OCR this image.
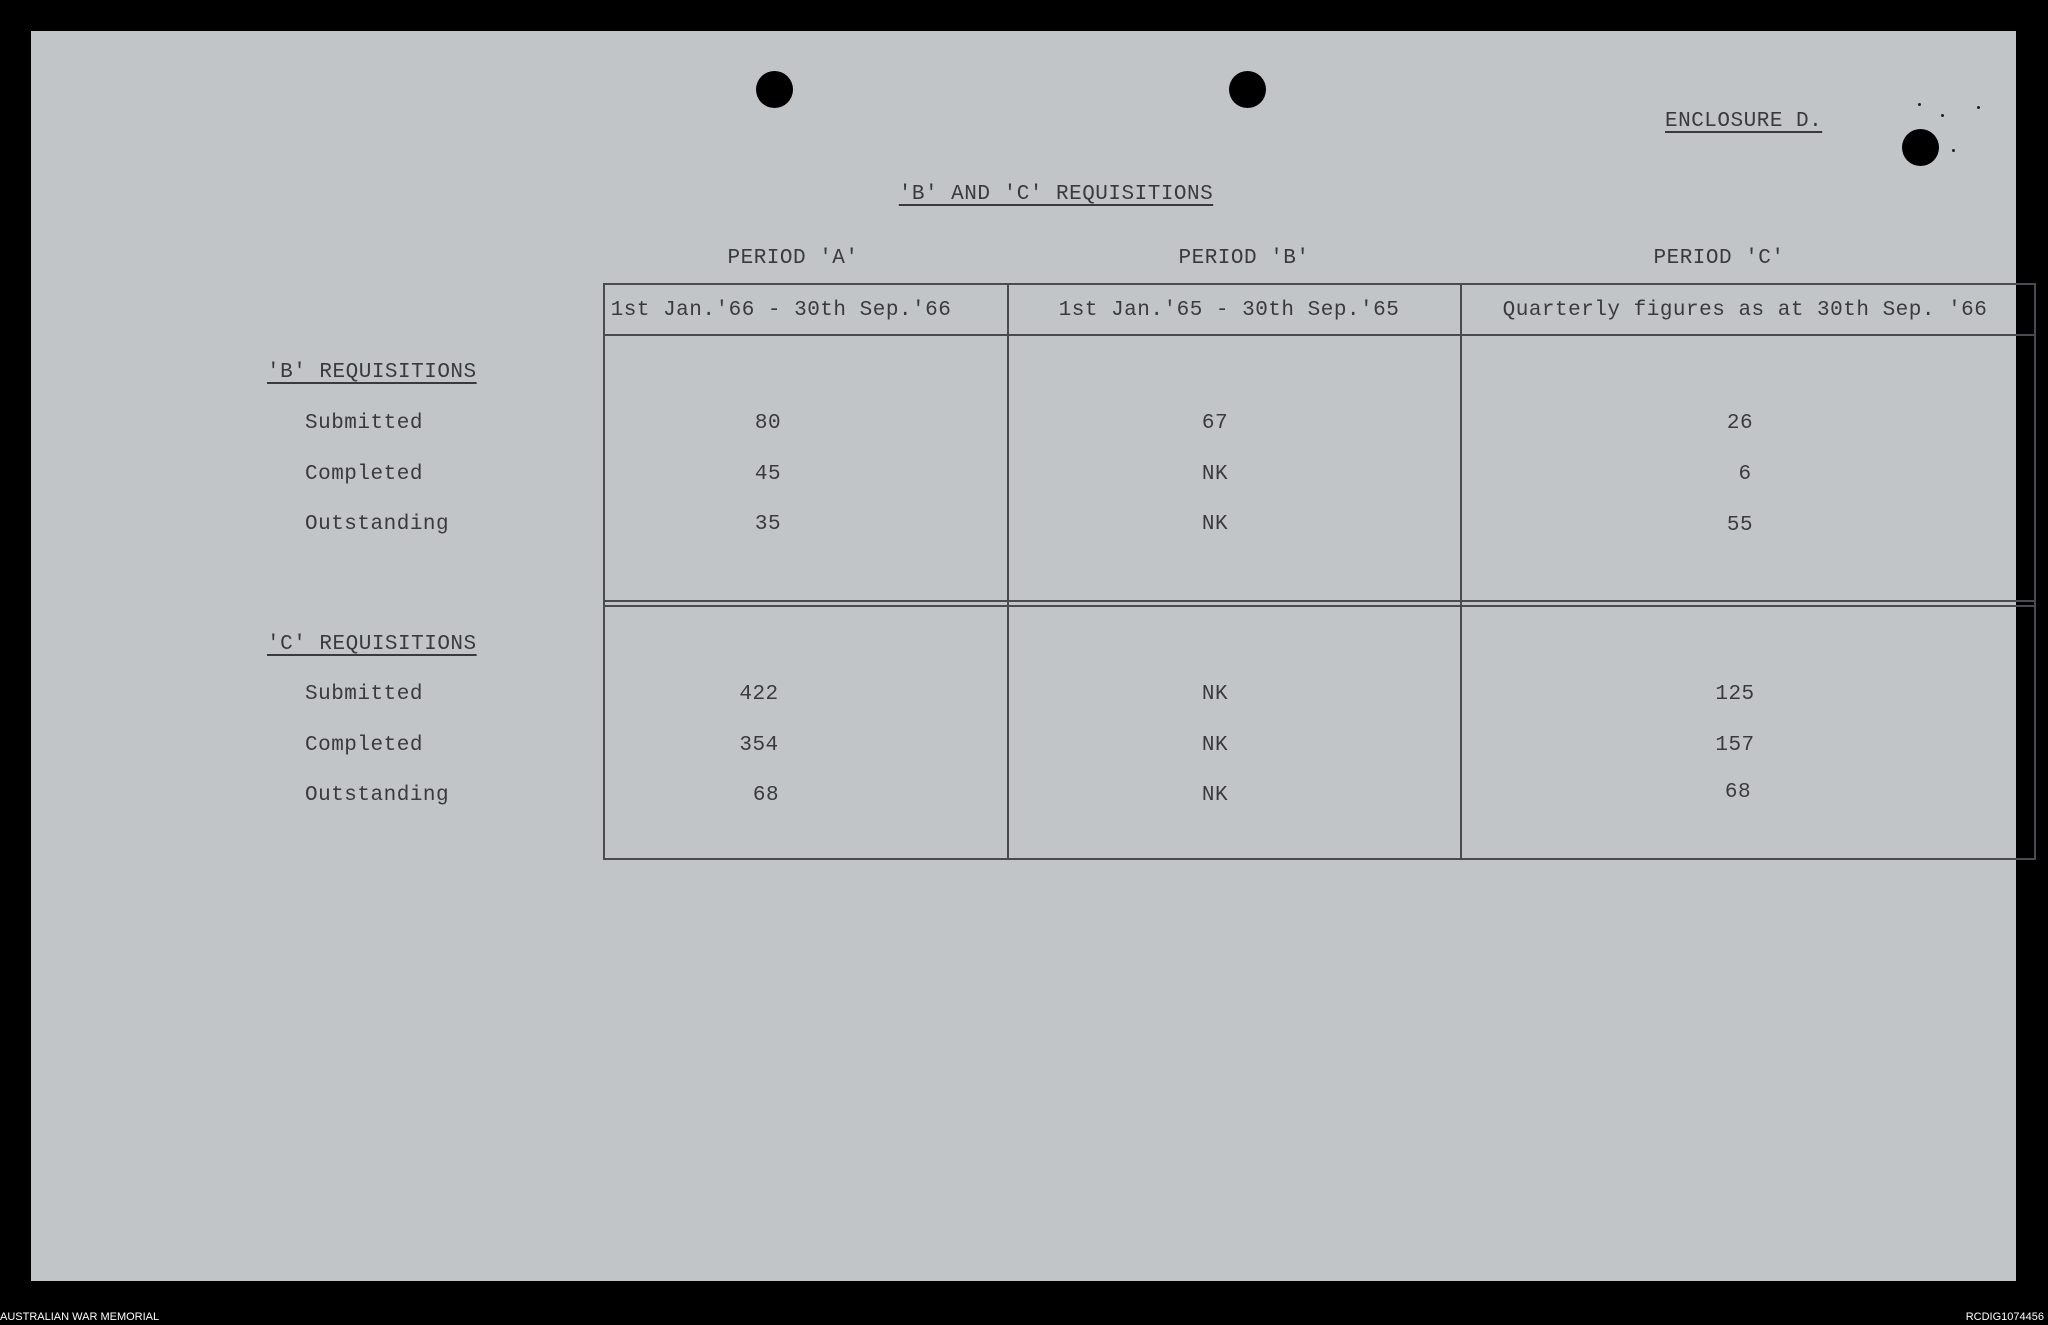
ENCLOSURE D.
'B' AND 'C' REQUISITIONS
PERIOD 'A'	PERIOD 'B'	PERIOD 'C'
1st Jan.'66 - 30th Sep.'66	1st Jan.'65 - 30th Sep.'65	Quarterly figures as at 30th Sep. '66
'B' REQUISITIONS
Submitted	80	67	26
Completed	45	NK	6
Outstanding	35	NK	55
'C' REQUISITIONS
Submitted	422	NK	125
Completed	354	NK	157
Outstanding	68	NK	68
AUSTRALIAN WAR MEMORIAL	RCDIG1074456
